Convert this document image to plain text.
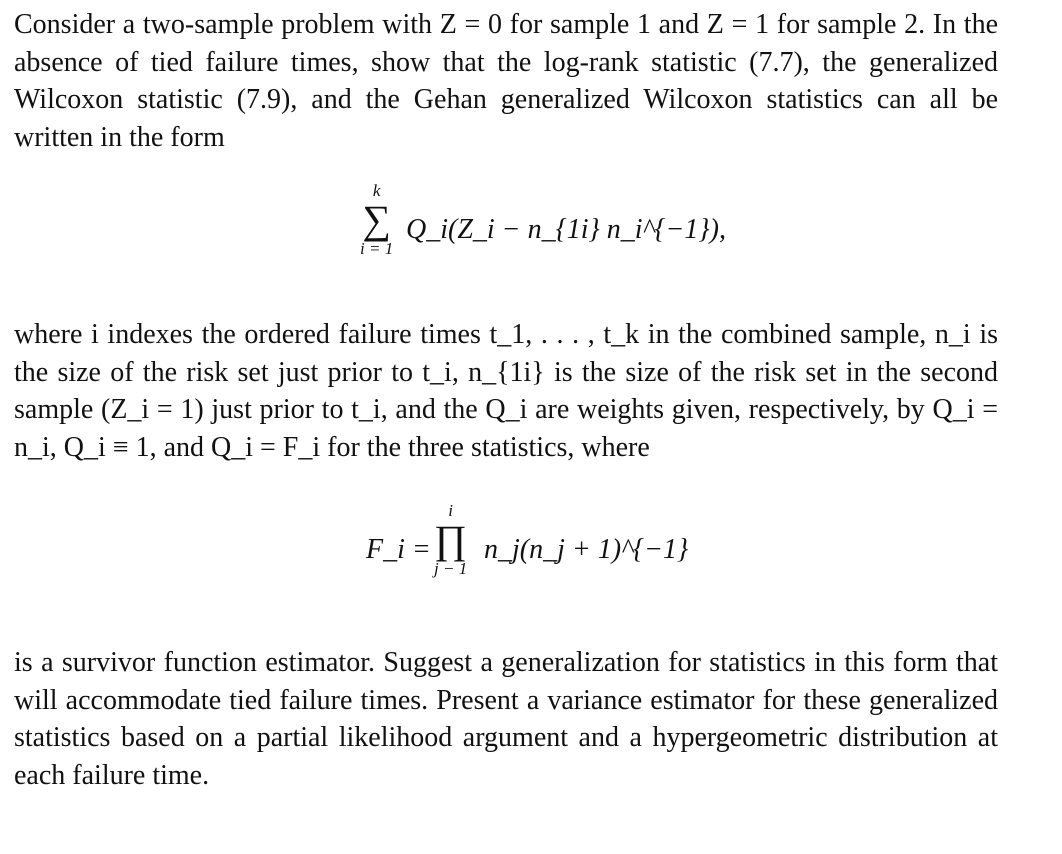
Consider a two-sample problem with Z = 0 for sample 1 and Z = 1 for sample 2. In the absence of tied failure times, show that the log-rank statistic (7.7), the generalized Wilcoxon statistic (7.9), and the Gehan generalized Wilcoxon statistics can all be written in the form

k
∑
i = 1
Q_i(Z_i − n_{1i} n_i^{−1}),

where i indexes the ordered failure times t_1, . . . , t_k in the combined sample, n_i is the size of the risk set just prior to t_i, n_{1i} is the size of the risk set in the second sample (Z_i = 1) just prior to t_i, and the Q_i are weights given, respectively, by Q_i = n_i, Q_i ≡ 1, and Q_i = F_i for the three statistics, where

F_i =
i
∏
j − 1
n_j(n_j + 1)^{−1}

is a survivor function estimator. Suggest a generalization for statistics in this form that will accommodate tied failure times. Present a variance estimator for these generalized statistics based on a partial likelihood argument and a hypergeometric distribution at each failure time.
